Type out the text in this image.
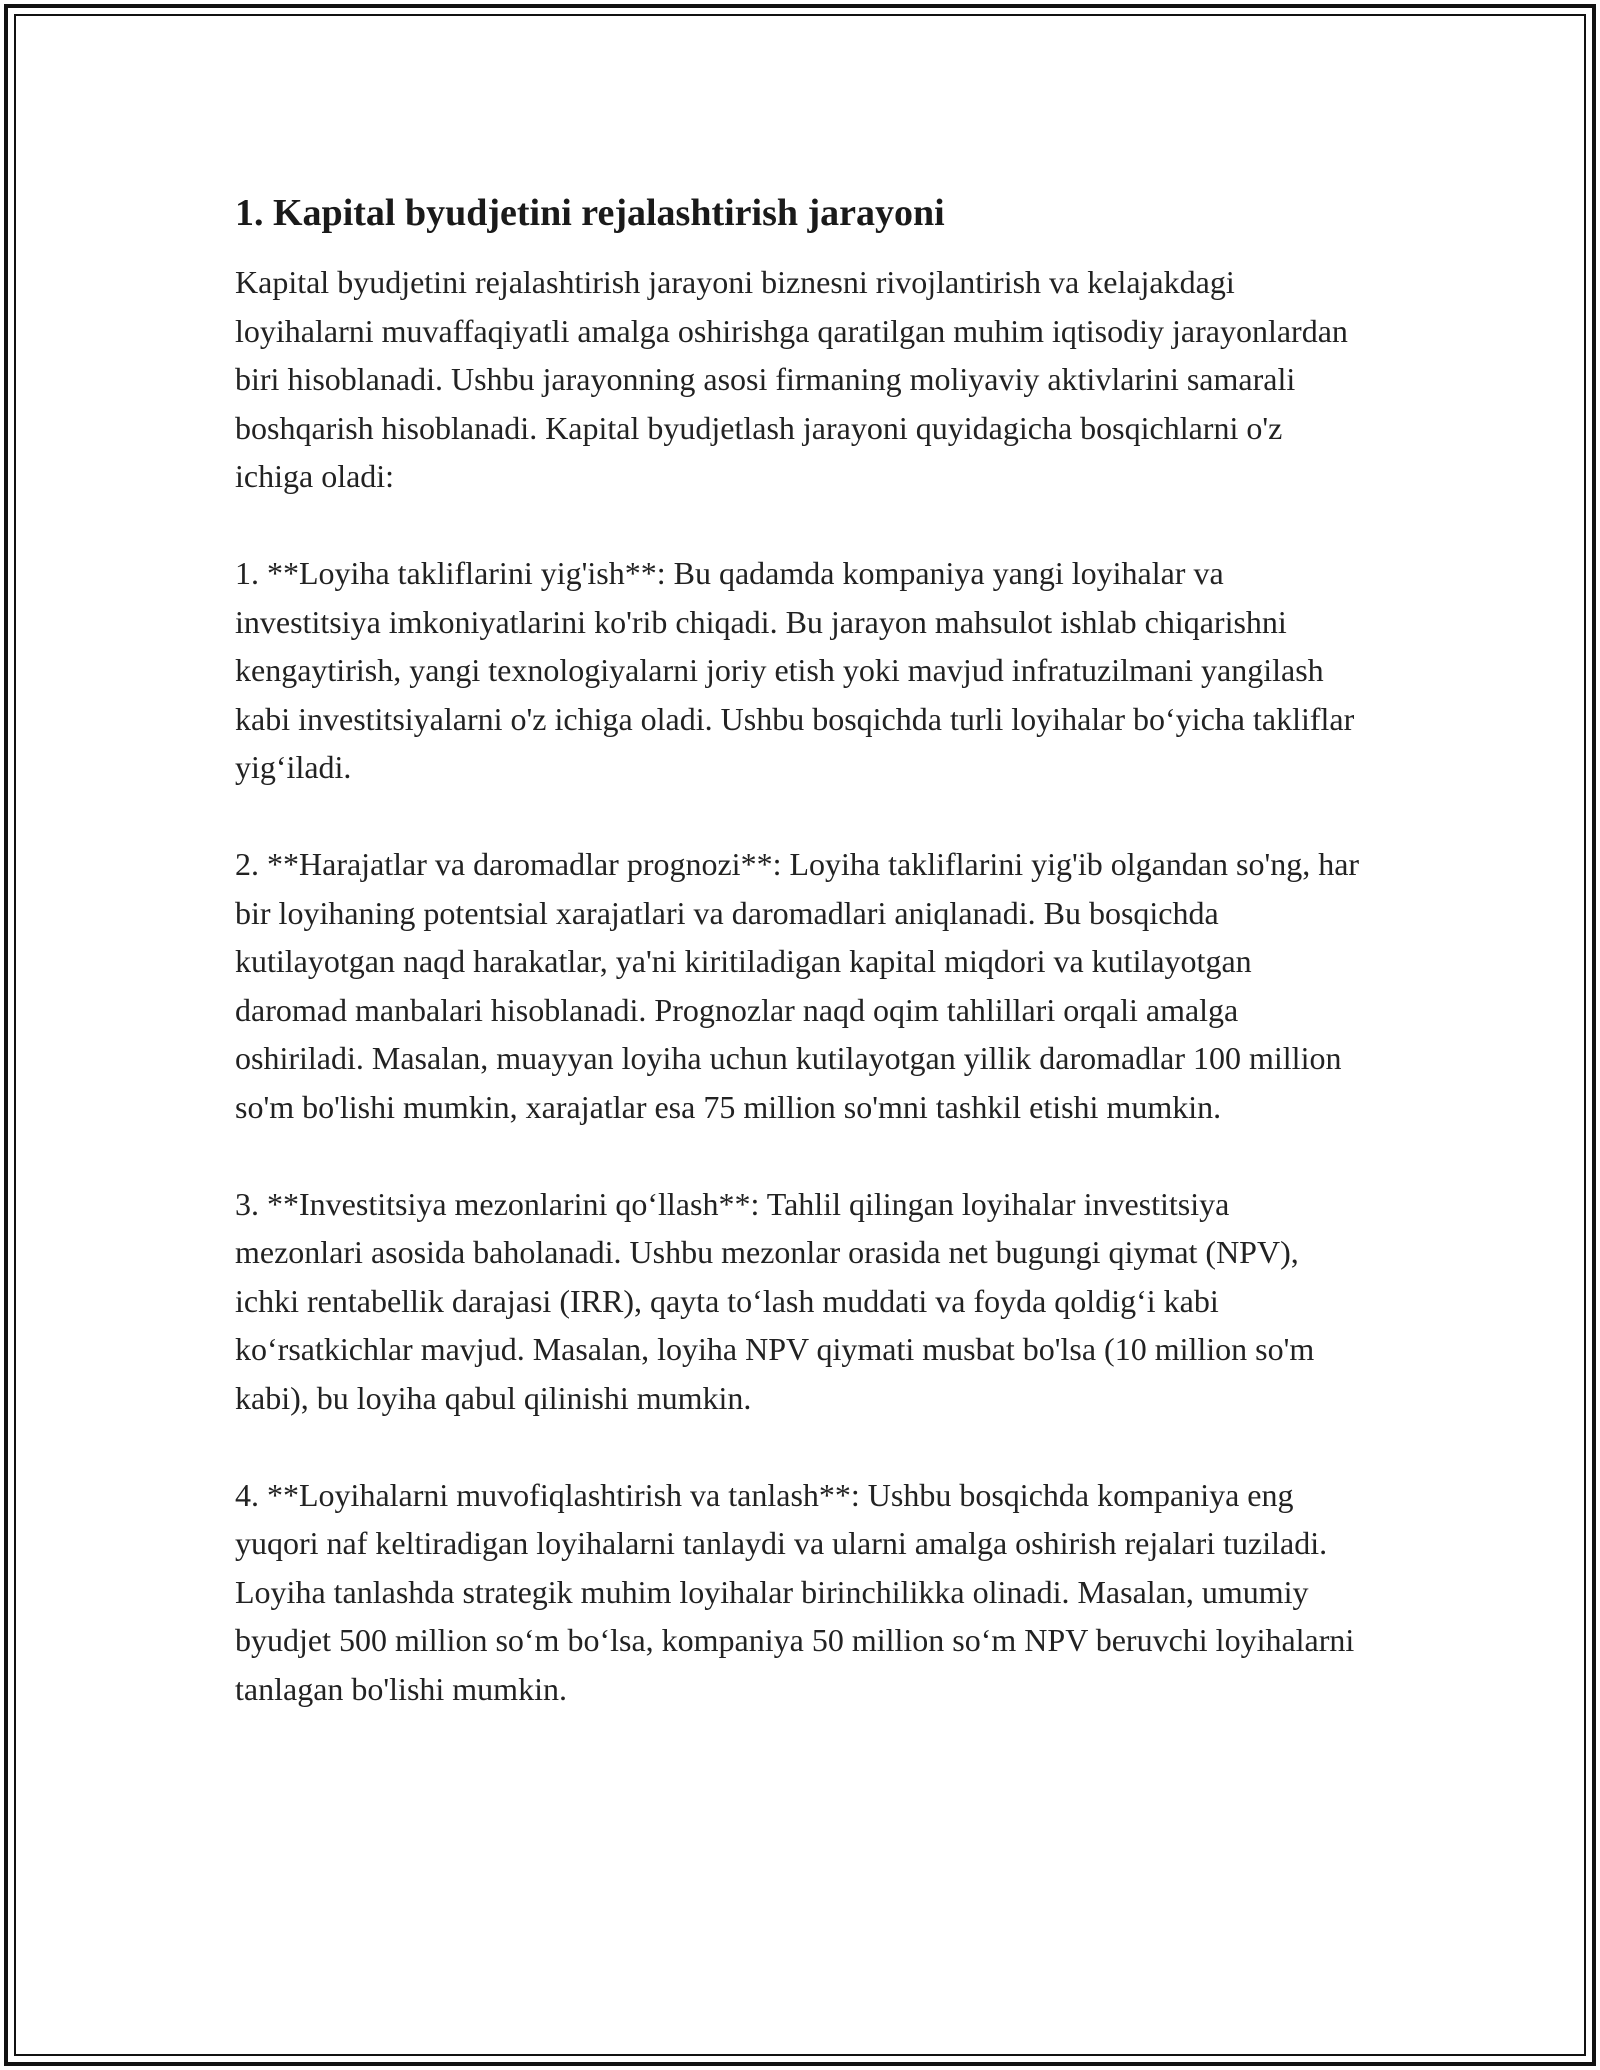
1. Kapital byudjetini rejalashtirish jarayoni

Kapital byudjetini rejalashtirish jarayoni biznesni rivojlantirish va kelajakdagi loyihalarni muvaffaqiyatli amalga oshirishga qaratilgan muhim iqtisodiy jarayonlardan biri hisoblanadi. Ushbu jarayonning asosi firmaning moliyaviy aktivlarini samarali boshqarish hisoblanadi. Kapital byudjetlash jarayoni quyidagicha bosqichlarni o'z ichiga oladi:

1. **Loyiha takliflarini yig'ish**: Bu qadamda kompaniya yangi loyihalar va investitsiya imkoniyatlarini ko'rib chiqadi. Bu jarayon mahsulot ishlab chiqarishni kengaytirish, yangi texnologiyalarni joriy etish yoki mavjud infratuzilmani yangilash kabi investitsiyalarni o'z ichiga oladi. Ushbu bosqichda turli loyihalar bo‘yicha takliflar yig‘iladi.

2. **Harajatlar va daromadlar prognozi**: Loyiha takliflarini yig'ib olgandan so'ng, har bir loyihaning potentsial xarajatlari va daromadlari aniqlanadi. Bu bosqichda kutilayotgan naqd harakatlar, ya'ni kiritiladigan kapital miqdori va kutilayotgan daromad manbalari hisoblanadi. Prognozlar naqd oqim tahlillari orqali amalga oshiriladi. Masalan, muayyan loyiha uchun kutilayotgan yillik daromadlar 100 million so'm bo'lishi mumkin, xarajatlar esa 75 million so'mni tashkil etishi mumkin.

3. **Investitsiya mezonlarini qo‘llash**: Tahlil qilingan loyihalar investitsiya mezonlari asosida baholanadi. Ushbu mezonlar orasida net bugungi qiymat (NPV), ichki rentabellik darajasi (IRR), qayta to‘lash muddati va foyda qoldig‘i kabi ko‘rsatkichlar mavjud. Masalan, loyiha NPV qiymati musbat bo'lsa (10 million so'm kabi), bu loyiha qabul qilinishi mumkin.

4. **Loyihalarni muvofiqlashtirish va tanlash**: Ushbu bosqichda kompaniya eng yuqori naf keltiradigan loyihalarni tanlaydi va ularni amalga oshirish rejalari tuziladi. Loyiha tanlashda strategik muhim loyihalar birinchilikka olinadi. Masalan, umumiy byudjet 500 million so‘m bo‘lsa, kompaniya 50 million so‘m NPV beruvchi loyihalarni tanlagan bo'lishi mumkin.
